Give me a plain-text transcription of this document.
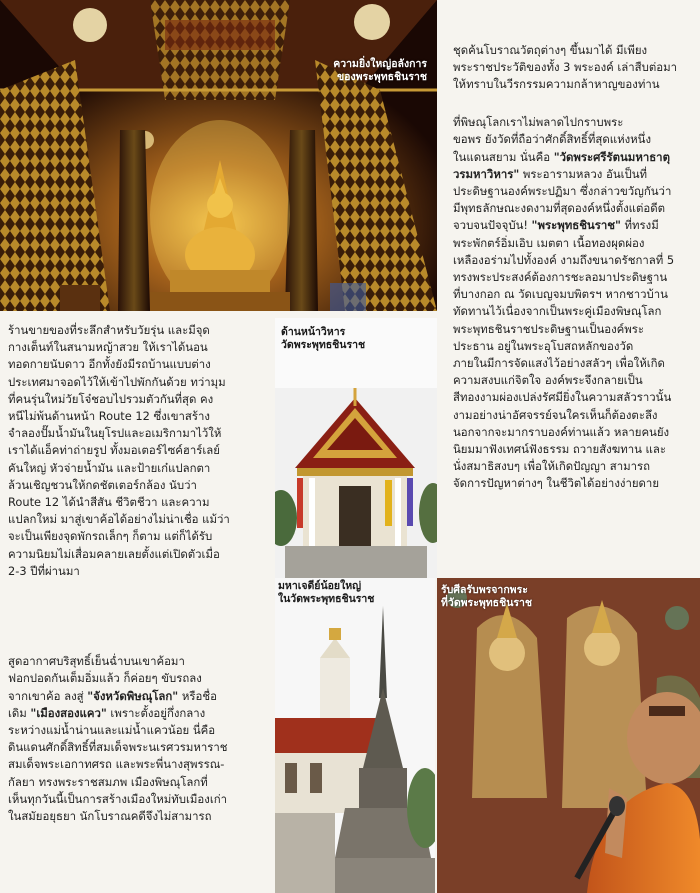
ความยิ่งใหญ่อลังการ
ของพระพุทธชินราช
ชุดค้นโบราณวัตถุต่างๆ ขึ้นมาได้ มีเพียง
พระราชประวัติของทั้ง 3 พระองค์ เล่าสืบต่อมา
ให้ทราบในวีรกรรมความกล้าหาญของท่าน

ที่พิษณุโลกเราไม่พลาดไปกราบพระ
ขอพร ยังวัดที่ถือว่าศักดิ์สิทธิ์ที่สุดแห่งหนึ่ง
ในแดนสยาม นั่นคือ "วัดพระศรีรัตนมหาธาตุ
วรมหาวิหาร" พระอารามหลวง อันเป็นที่
ประดิษฐานองค์พระปฏิมา ซึ่งกล่าวขวัญกันว่า
มีพุทธลักษณะงดงามที่สุดองค์หนึ่งตั้งแต่อดีต
จวบจนปัจจุบัน! "พระพุทธชินราช" ที่ทรงมี
พระพักตร์อิ่มเอิบ เมตตา เนื้อทองผุดผ่อง
เหลืองอร่ามไปทั้งองค์ งามถึงขนาดรัชกาลที่ 5
ทรงพระประสงค์ต้องการชะลอมาประดิษฐาน
ที่บางกอก ณ วัดเบญจมบพิตรฯ หากชาวบ้าน
ทัดทานไว้เนื่องจากเป็นพระคู่เมืองพิษณุโลก
พระพุทธชินราชประดิษฐานเป็นองค์พระ
ประธาน อยู่ในพระอุโบสถหลักของวัด
ภายในมีการจัดแสงไว้อย่างสลัวๆ เพื่อให้เกิด
ความสงบแก่จิตใจ องค์พระจึงกลายเป็น
สีทองงามผ่องเปล่งรัศมียิ่งในความสลัวราวนั้น
งามอย่างน่าอัศจรรย์จนใครเห็นก็ต้องตะลึง
นอกจากจะมากราบองค์ท่านแล้ว หลายคนยัง
นิยมมาฟังเทศน์ฟังธรรม ถวายสังฆทาน และ
นั่งสมาธิสงบๆ เพื่อให้เกิดปัญญา สามารถ
จัดการปัญหาต่างๆ ในชีวิตได้อย่างง่ายดาย

ด้านหน้าวิหาร
วัดพระพุทธชินราช
ร้านขายของที่ระลึกสำหรับวัยรุ่น และมีจุด
กางเต็นท์ในสนามหญ้าสวย ให้เราได้นอน
ทอดกายนับดาว อีกทั้งยังมีรถบ้านแบบต่าง
ประเทศมาจอดไว้ให้เข้าไปพักกันด้วย ทว่ามุม
ที่คนรุ่นใหม่วัยโจ๋ชอบไปรวมตัวกันที่สุด คง
หนีไม่พ้นด้านหน้า Route 12 ซึ่งเขาสร้าง
จำลองปั๊มน้ำมันในยุโรปและอเมริกามาไว้ให้
เราได้แอ็คท่าถ่ายรูป ทั้งมอเตอร์ไซค์ฮาร์เลย์
คันใหญ่ หัวจ่ายน้ำมัน และป้ายเก๋แปลกตา
ล้วนเชิญชวนให้กดชัตเตอร์กล้อง นับว่า
Route 12 ได้นำสีสัน ชีวิตชีวา และความ
แปลกใหม่ มาสู่เขาค้อได้อย่างไม่น่าเชื่อ แม้ว่า
จะเป็นเพียงจุดพักรถเล็กๆ ก็ตาม แต่ก็ได้รับ
ความนิยมไม่เสื่อมคลายเลยตั้งแต่เปิดตัวเมื่อ
2-3 ปีที่ผ่านมา

สูดอากาศบริสุทธิ์เย็นฉ่ำบนเขาค้อมา
ฟอกปอดกันเต็มอิ่มแล้ว ก็ค่อยๆ ขับรถลง
จากเขาค้อ ลงสู่ "จังหวัดพิษณุโลก" หรือชื่อ
เดิม "เมืองสองแคว" เพราะตั้งอยู่กึ่งกลาง
ระหว่างแม่น้ำน่านและแม่น้ำแควน้อย นี่คือ
ดินแดนศักดิ์สิทธิ์ที่สมเด็จพระนเรศวรมหาราช
สมเด็จพระเอกาทศรถ และพระพี่นางสุพรรณ-
กัลยา ทรงพระราชสมภพ เมืองพิษณุโลกที่
เห็นทุกวันนี้เป็นการสร้างเมืองใหม่ทับเมืองเก่า
ในสมัยอยุธยา นักโบราณคดีจึงไม่สามารถ

มหาเจดีย์น้อยใหญ่
ในวัดพระพุทธชินราช
รับศีลรับพรจากพระ
ที่วัดพระพุทธชินราช
